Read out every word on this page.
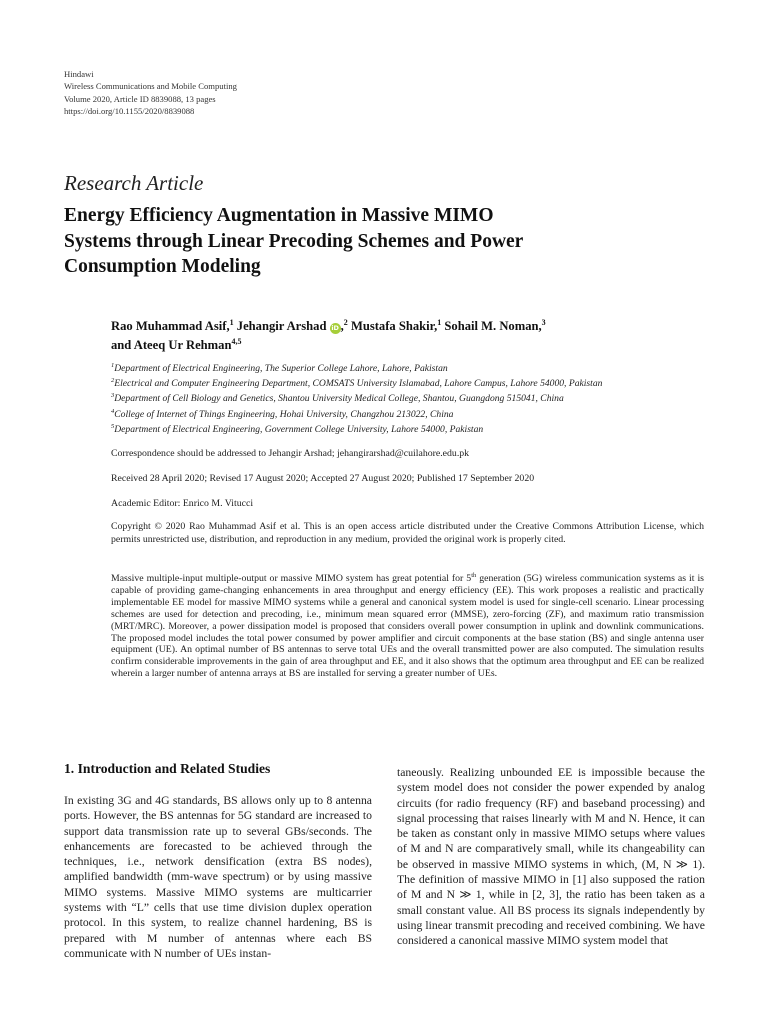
Hindawi
Wireless Communications and Mobile Computing
Volume 2020, Article ID 8839088, 13 pages
https://doi.org/10.1155/2020/8839088
Research Article
Energy Efficiency Augmentation in Massive MIMO
Systems through Linear Precoding Schemes and Power
Consumption Modeling
Rao Muhammad Asif,$^1$ Jehangir Arshad iD ,$^2$ Mustafa Shakir,$^1$ Sohail M. Noman,$^3$
and Ateeq Ur Rehman$^{4,5}$
$^1$Department of Electrical Engineering, The Superior College Lahore, Lahore, Pakistan
$^2$Electrical and Computer Engineering Department, COMSATS University Islamabad, Lahore Campus, Lahore 54000, Pakistan
$^3$Department of Cell Biology and Genetics, Shantou University Medical College, Shantou, Guangdong 515041, China
$^4$College of Internet of Things Engineering, Hohai University, Changzhou 213022, China
$^5$Department of Electrical Engineering, Government College University, Lahore 54000, Pakistan
Correspondence should be addressed to Jehangir Arshad; jehangirarshad@cuilahore.edu.pk
Received 28 April 2020; Revised 17 August 2020; Accepted 27 August 2020; Published 17 September 2020
Academic Editor: Enrico M. Vitucci
Copyright © 2020 Rao Muhammad Asif et al. This is an open access article distributed under the Creative Commons Attribution License, which permits unrestricted use, distribution, and reproduction in any medium, provided the original work is properly cited.
Massive multiple-input multiple-output or massive MIMO system has great potential for 5th generation (5G) wireless communication systems as it is capable of providing game-changing enhancements in area throughput and energy efficiency (EE). This work proposes a realistic and practically implementable EE model for massive MIMO systems while a general and canonical system model is used for single-cell scenario. Linear processing schemes are used for detection and precoding, i.e., minimum mean squared error (MMSE), zero-forcing (ZF), and maximum ratio transmission (MRT/MRC). Moreover, a power dissipation model is proposed that considers overall power consumption in uplink and downlink communications. The proposed model includes the total power consumed by power amplifier and circuit components at the base station (BS) and single antenna user equipment (UE). An optimal number of BS antennas to serve total UEs and the overall transmitted power are also computed. The simulation results confirm considerable improvements in the gain of area throughput and EE, and it also shows that the optimum area throughput and EE can be realized wherein a larger number of antenna arrays at BS are installed for serving a greater number of UEs.
1. Introduction and Related Studies
In existing 3G and 4G standards, BS allows only up to 8 antenna ports. However, the BS antennas for 5G standard are increased to support data transmission rate up to several GBs/seconds. The enhancements are forecasted to be achieved through the techniques, i.e., network densification (extra BS nodes), amplified bandwidth (mm-wave spectrum) or by using massive MIMO systems. Massive MIMO systems are multicarrier systems with “L” cells that use time division duplex operation protocol. In this system, to realize channel hardening, BS is prepared with M number of antennas where each BS communicate with N number of UEs instan-
taneously. Realizing unbounded EE is impossible because the system model does not consider the power expended by analog circuits (for radio frequency (RF) and baseband processing) and signal processing that raises linearly with M and N. Hence, it can be taken as constant only in massive MIMO setups where values of M and N are comparatively small, while its changeability can be observed in massive MIMO systems in which, (M, N ≫ 1). The definition of massive MIMO in [1] also supposed the ration of M and N ≫ 1, while in [2, 3], the ratio has been taken as a small constant value. All BS process its signals independently by using linear transmit precoding and received combining. We have considered a canonical massive MIMO system model that
